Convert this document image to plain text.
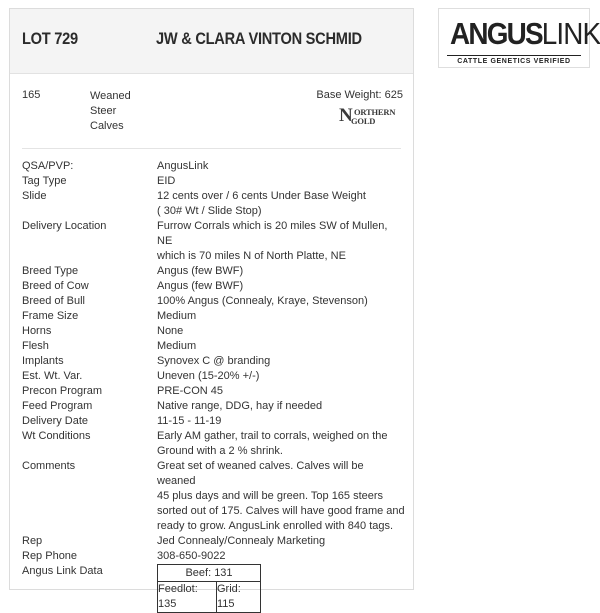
LOT 729	JW & CLARA VINTON SCHMID
165	Weaned
Steer
Calves
Base Weight: 625
N ORTHERN
GOLD
QSA/PVP:	AngusLink
Tag Type	EID
Slide	12 cents over / 6 cents Under Base Weight
( 30# Wt / Slide Stop)
Delivery Location	Furrow Corrals which is 20 miles SW of Mullen, NE
which is 70 miles N of North Platte, NE
Breed Type	Angus (few BWF)
Breed of Cow	Angus (few BWF)
Breed of Bull	100% Angus (Connealy, Kraye, Stevenson)
Frame Size	Medium
Horns	None
Flesh	Medium
Implants	Synovex C @ branding
Est. Wt. Var.	Uneven (15-20% +/-)
Precon Program	PRE-CON 45
Feed Program	Native range, DDG, hay if needed
Delivery Date	11-15 - 11-19
Wt Conditions	Early AM gather, trail to corrals, weighed on the
Ground with a 2 % shrink.
Comments	Great set of weaned calves. Calves will be weaned
45 plus days and will be green. Top 165 steers
sorted out of 175. Calves will have good frame and
ready to grow. AngusLink enrolled with 840 tags.
Rep	Jed Connealy/Connealy Marketing
Rep Phone	308-650-9022
Angus Link Data	Beef: 131
Feedlot: 135	Grid: 115
ANGUSLINK
CATTLE GENETICS VERIFIED
